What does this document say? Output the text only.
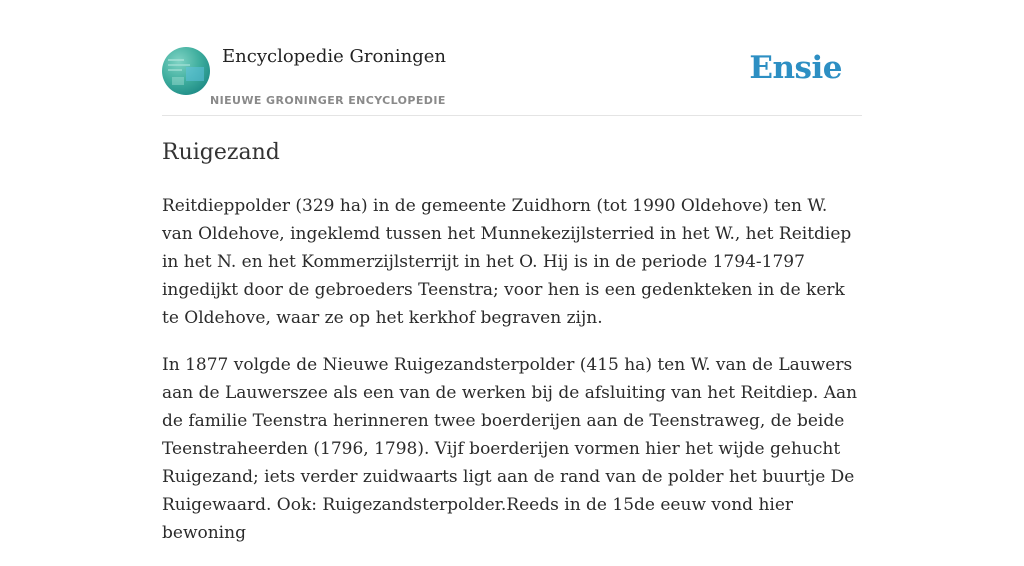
Encyclopedie Groningen
NIEUWE GRONINGER ENCYCLOPEDIE
Ensie
Ruigezand

Reitdieppolder (329 ha) in de gemeente Zuidhorn (tot 1990 Oldehove) ten W. van Oldehove, ingeklemd tussen het Munnekezijlsterried in het W., het Reitdiep in het N. en het Kommerzijlsterrijt in het O. Hij is in de periode 1794-1797 ingedijkt door de gebroeders Teenstra; voor hen is een gedenkteken in de kerk te Oldehove, waar ze op het kerkhof begraven zijn.

In 1877 volgde de Nieuwe Ruigezandsterpolder (415 ha) ten W. van de Lauwers aan de Lauwerszee als een van de werken bij de afsluiting van het Reitdiep. Aan de familie Teenstra herinneren twee boerderijen aan de Teenstraweg, de beide Teenstraheerden (1796, 1798). Vijf boerderijen vormen hier het wijde gehucht Ruigezand; iets verder zuidwaarts ligt aan de rand van de polder het buurtje De Ruigewaard. Ook: Ruigezandsterpolder.Reeds in de 15de eeuw vond hier bewoning
